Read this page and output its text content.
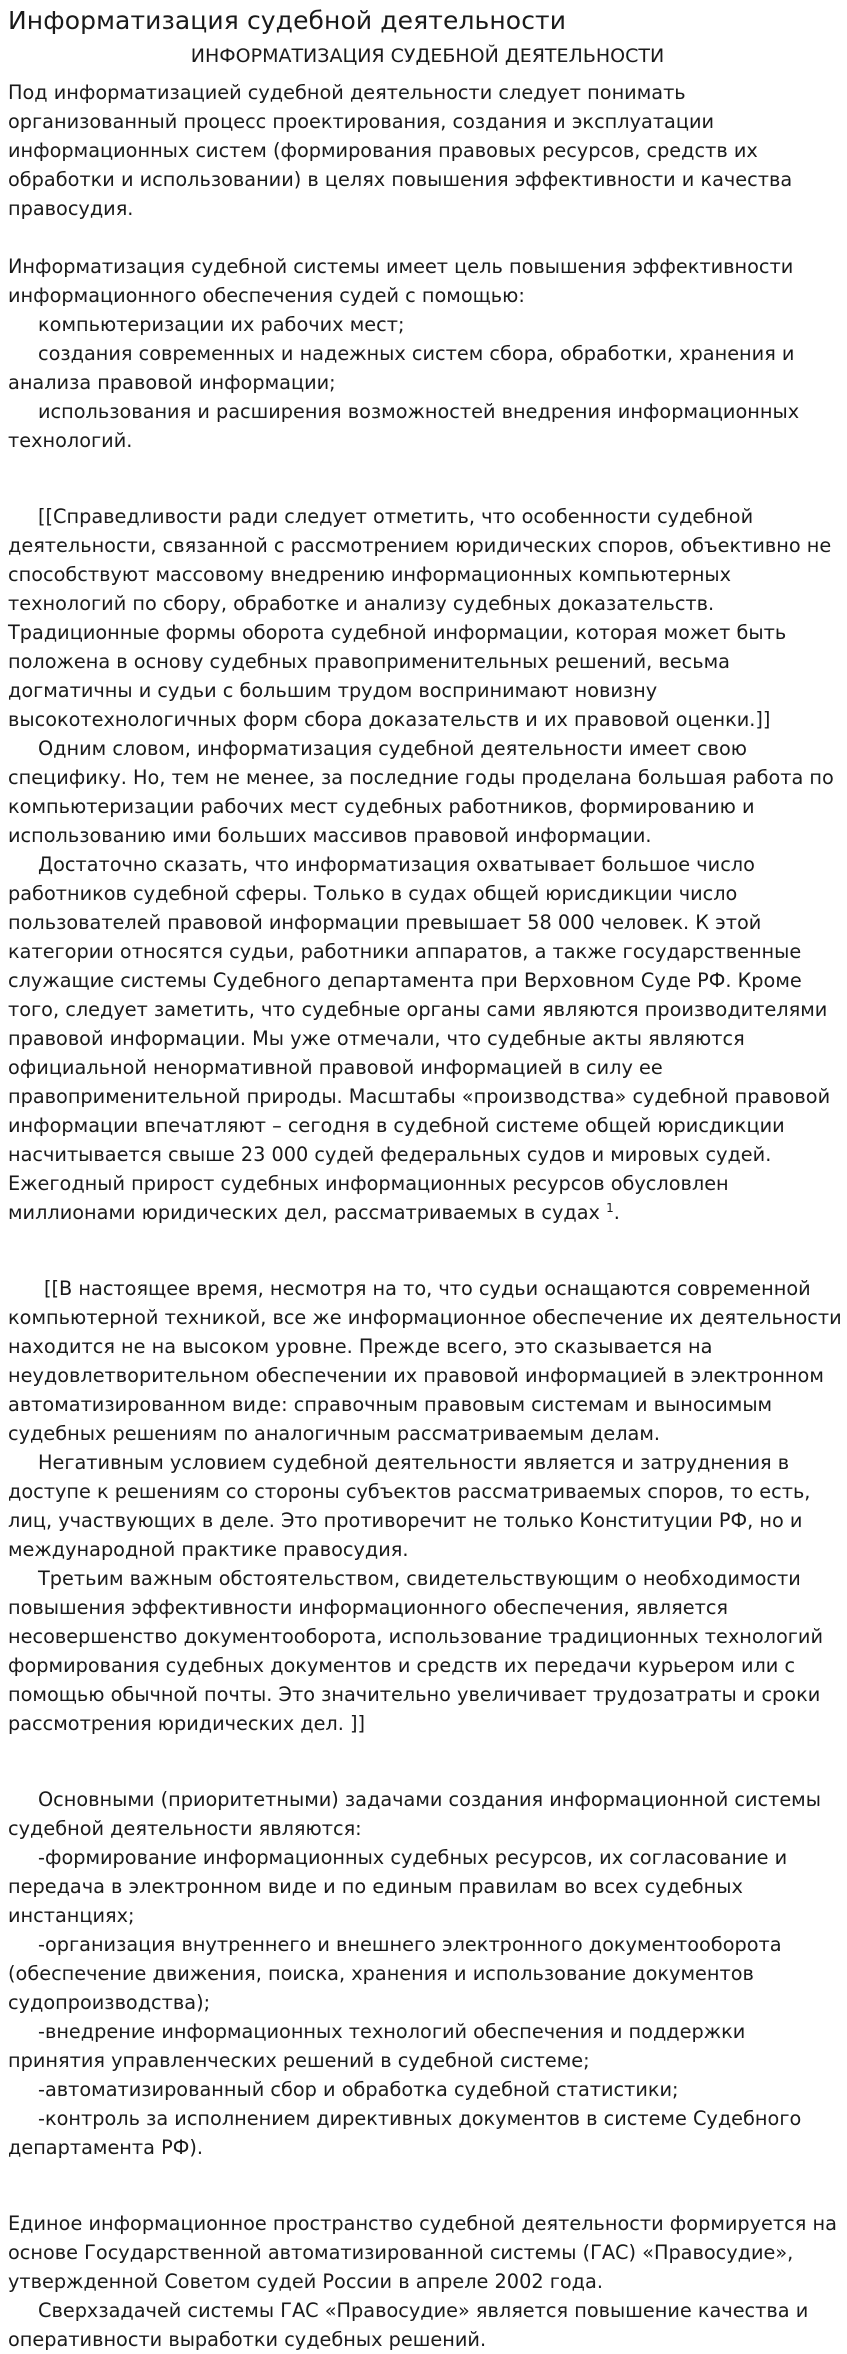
Информатизация судебной деятельности
ИНФОРМАТИЗАЦИЯ СУДЕБНОЙ ДЕЯТЕЛЬНОСТИ

Под информатизацией судебной деятельности следует понимать организованный процесс проектирования, создания и эксплуатации информационных систем (формирования правовых ресурсов, средств их обработки и использовании) в целях повышения эффективности и качества правосудия.

Информатизация судебной системы имеет цель повышения эффективности информационного обеспечения судей с помощью:

компьютеризации их рабочих мест;

создания современных и надежных систем сбора, обработки, хранения и анализа правовой информации;

использования и расширения возможностей внедрения информационных технологий.

[[Справедливости ради следует отметить, что особенности судебной деятельности, связанной с рассмотрением юридических споров, объективно не способствуют массовому внедрению информационных компьютерных технологий по сбору, обработке и анализу судебных доказательств. Традиционные формы оборота судебной информации, которая может быть положена в основу судебных правоприменительных решений, весьма догматичны и судьи с большим трудом воспринимают новизну высокотехнологичных форм сбора доказательств и их правовой оценки.]]

Одним словом, информатизация судебной деятельности имеет свою специфику. Но, тем не менее, за последние годы проделана большая работа по компьютеризации рабочих мест судебных работников, формированию и использованию ими больших массивов правовой информации.

Достаточно сказать, что информатизация охватывает большое число работников судебной сферы. Только в судах общей юрисдикции число пользователей правовой информации превышает 58 000 человек. К этой категории относятся судьи, работники аппаратов, а также государственные служащие системы Судебного департамента при Верховном Суде РФ. Кроме того, следует заметить, что судебные органы сами являются производителями правовой информации. Мы уже отмечали, что судебные акты являются официальной ненормативной правовой информацией в силу ее правоприменительной природы. Масштабы «производства» судебной правовой информации впечатляют – сегодня в судебной системе общей юрисдикции насчитывается свыше 23 000 судей федеральных судов и мировых судей. Ежегодный прирост судебных информационных ресурсов обусловлен миллионами юридических дел, рассматриваемых в судах $^1$.

[[В настоящее время, несмотря на то, что судьи оснащаются современной компьютерной техникой, все же информационное обеспечение их деятельности находится не на высоком уровне. Прежде всего, это сказывается на неудовлетворительном обеспечении их правовой информацией в электронном автоматизированном виде: справочным правовым системам и выносимым судебных решениям по аналогичным рассматриваемым делам.

Негативным условием судебной деятельности является и затруднения в доступе к решениям со стороны субъектов рассматриваемых споров, то есть, лиц, участвующих в деле. Это противоречит не только Конституции РФ, но и международной практике правосудия.

Третьим важным обстоятельством, свидетельствующим о необходимости повышения эффективности информационного обеспечения, является несовершенство документооборота, использование традиционных технологий формирования судебных документов и средств их передачи курьером или с помощью обычной почты. Это значительно увеличивает трудозатраты и сроки рассмотрения юридических дел. ]]

Основными (приоритетными) задачами создания информационной системы судебной деятельности являются:

-формирование информационных судебных ресурсов, их согласование и передача в электронном виде и по единым правилам во всех судебных инстанциях;

-организация внутреннего и внешнего электронного документооборота (обеспечение движения, поиска, хранения и использование документов судопроизводства);

-внедрение информационных технологий обеспечения и поддержки принятия управленческих решений в судебной системе;

-автоматизированный сбор и обработка судебной статистики;

-контроль за исполнением директивных документов в системе Судебного департамента РФ).

Единое информационное пространство судебной деятельности формируется на основе Государственной автоматизированной системы (ГАС) «Правосудие», утвержденной Советом судей России в апреле 2002 года.

Сверхзадачей системы ГАС «Правосудие» является повышение качества и оперативности выработки судебных решений.
